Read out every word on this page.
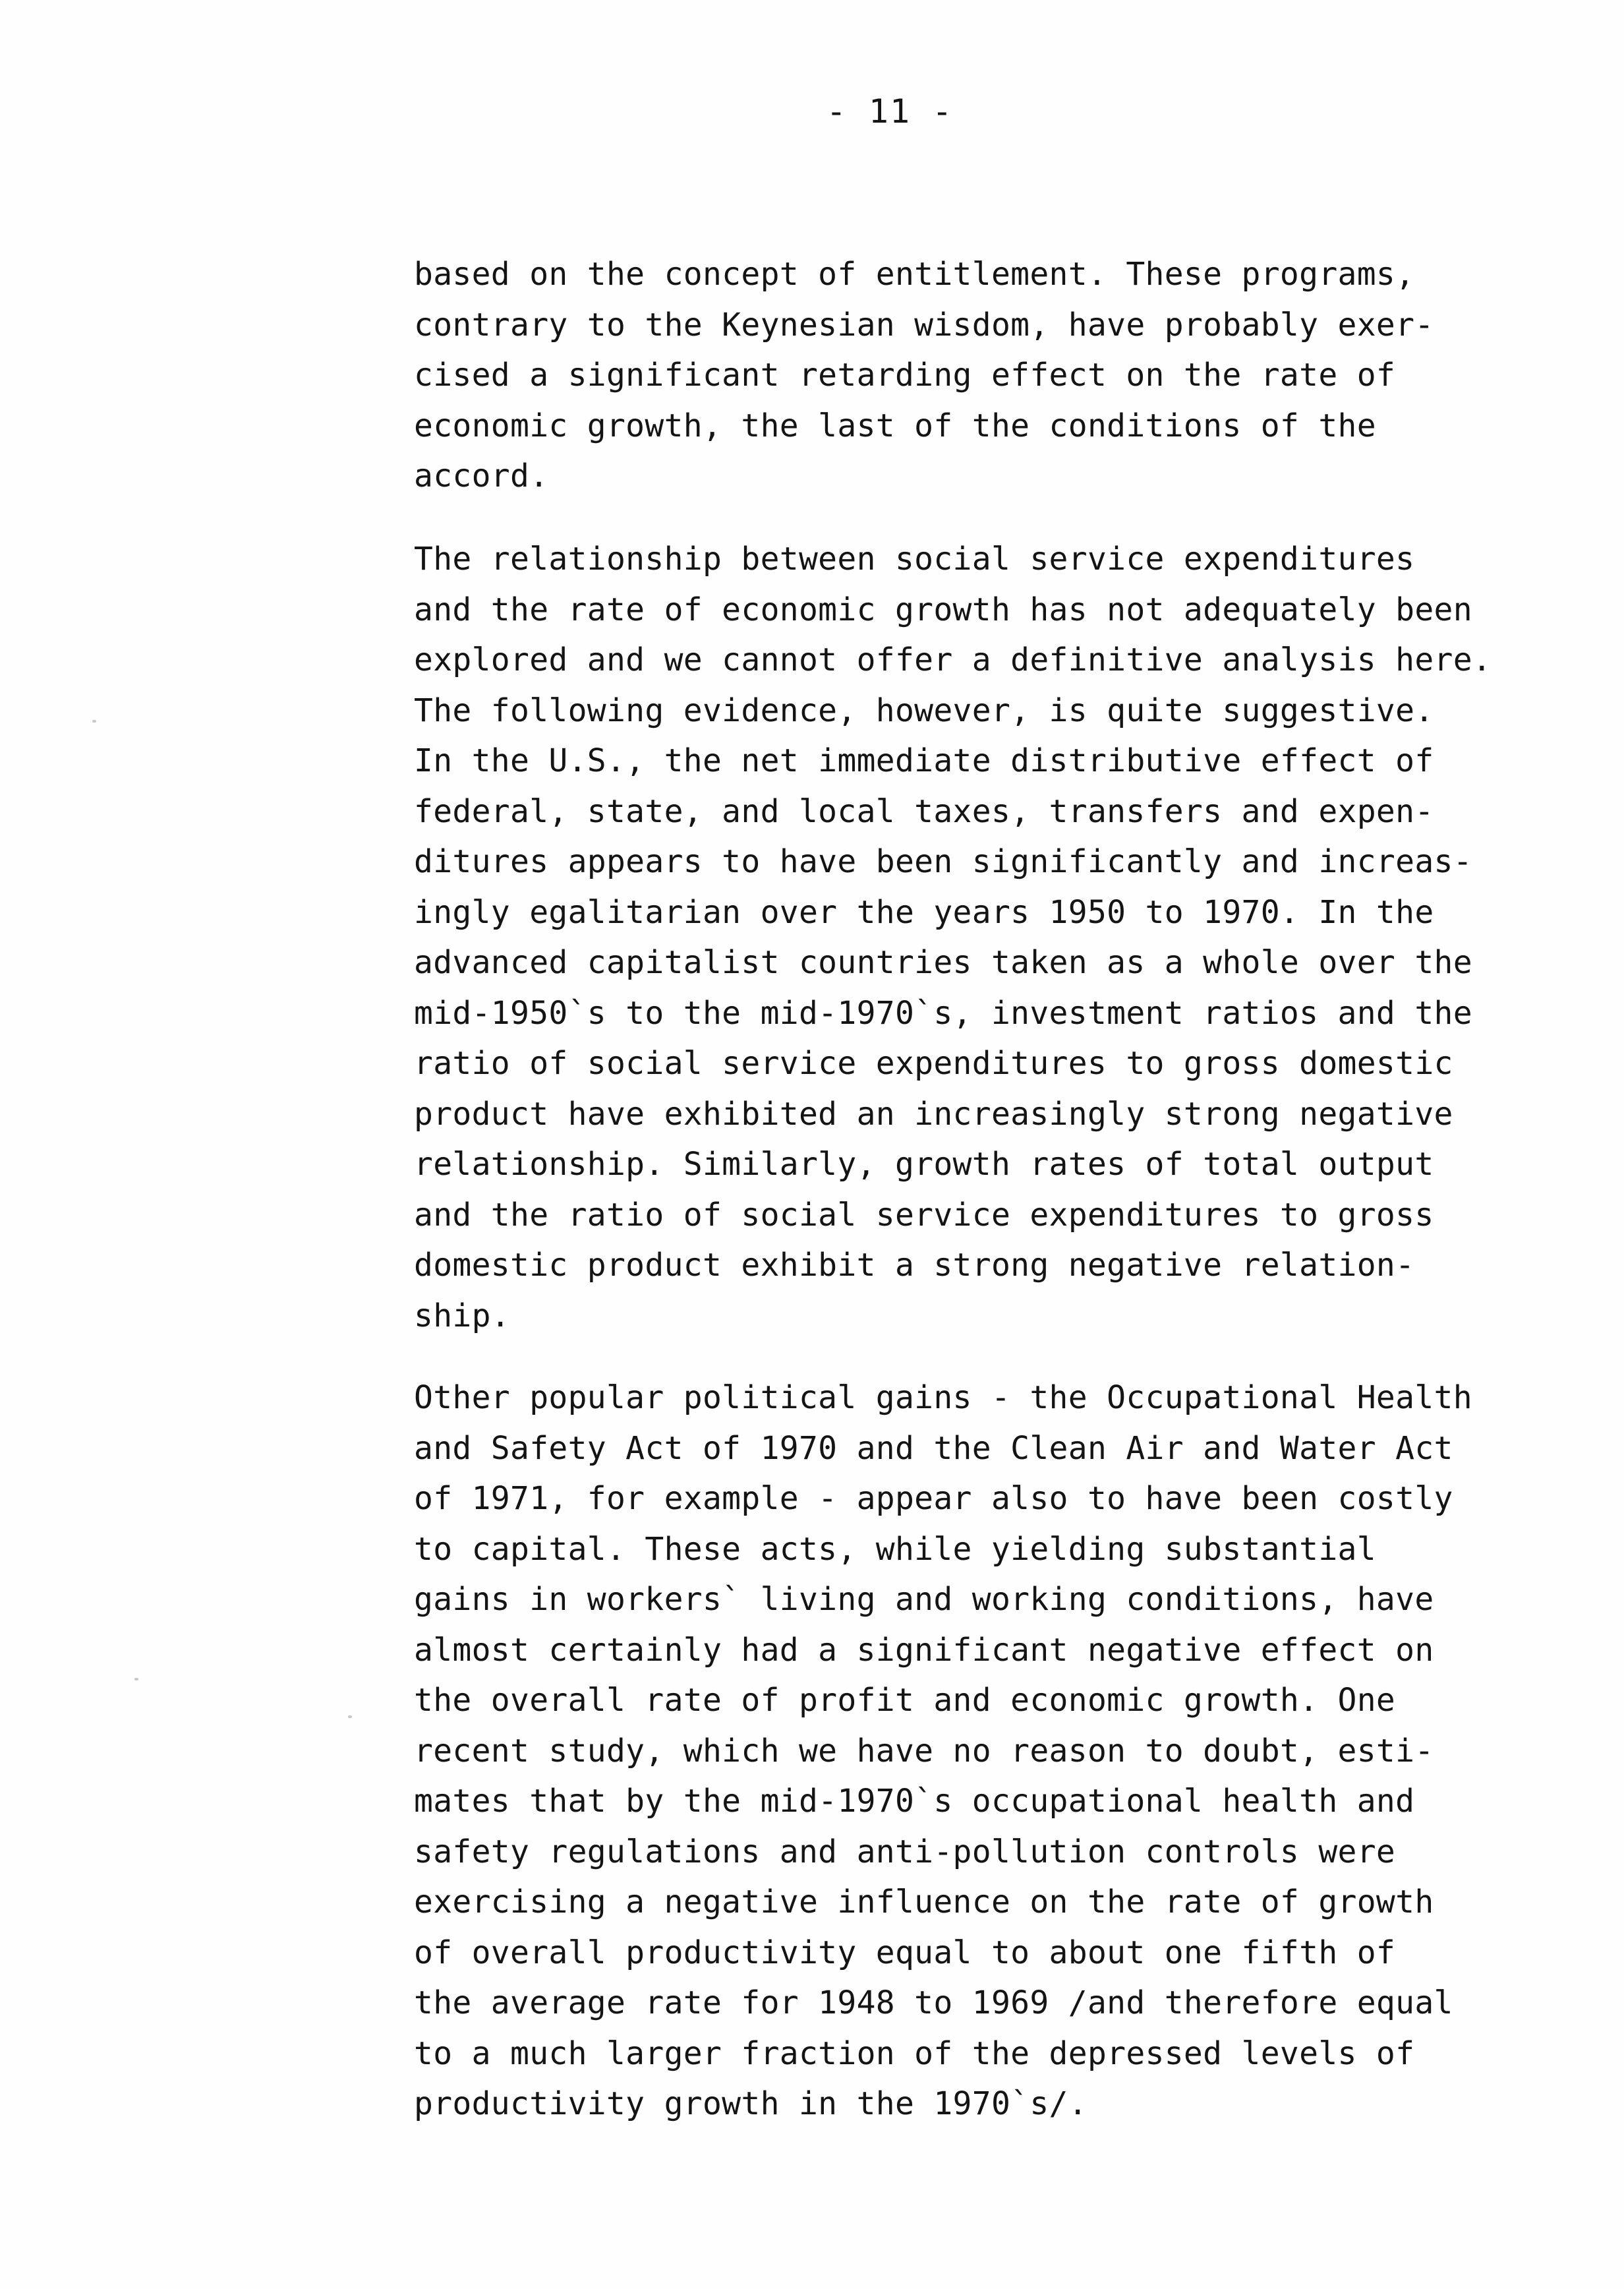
- 11 -
based on the concept of entitlement. These programs,
contrary to the Keynesian wisdom, have probably exer-
cised a significant retarding effect on the rate of
economic growth, the last of the conditions of the
accord.
The relationship between social service expenditures
and the rate of economic growth has not adequately been
explored and we cannot offer a definitive analysis here.
The following evidence, however, is quite suggestive.
In the U.S., the net immediate distributive effect of
federal, state, and local taxes, transfers and expen-
ditures appears to have been significantly and increas-
ingly egalitarian over the years 1950 to 1970. In the
advanced capitalist countries taken as a whole over the
mid-1950`s to the mid-1970`s, investment ratios and the
ratio of social service expenditures to gross domestic
product have exhibited an increasingly strong negative
relationship. Similarly, growth rates of total output
and the ratio of social service expenditures to gross
domestic product exhibit a strong negative relation-
ship.
Other popular political gains - the Occupational Health
and Safety Act of 1970 and the Clean Air and Water Act
of 1971, for example - appear also to have been costly
to capital. These acts, while yielding substantial
gains in workers` living and working conditions, have
almost certainly had a significant negative effect on
the overall rate of profit and economic growth. One
recent study, which we have no reason to doubt, esti-
mates that by the mid-1970`s occupational health and
safety regulations and anti-pollution controls were
exercising a negative influence on the rate of growth
of overall productivity equal to about one fifth of
the average rate for 1948 to 1969 /and therefore equal
to a much larger fraction of the depressed levels of
productivity growth in the 1970`s/.
